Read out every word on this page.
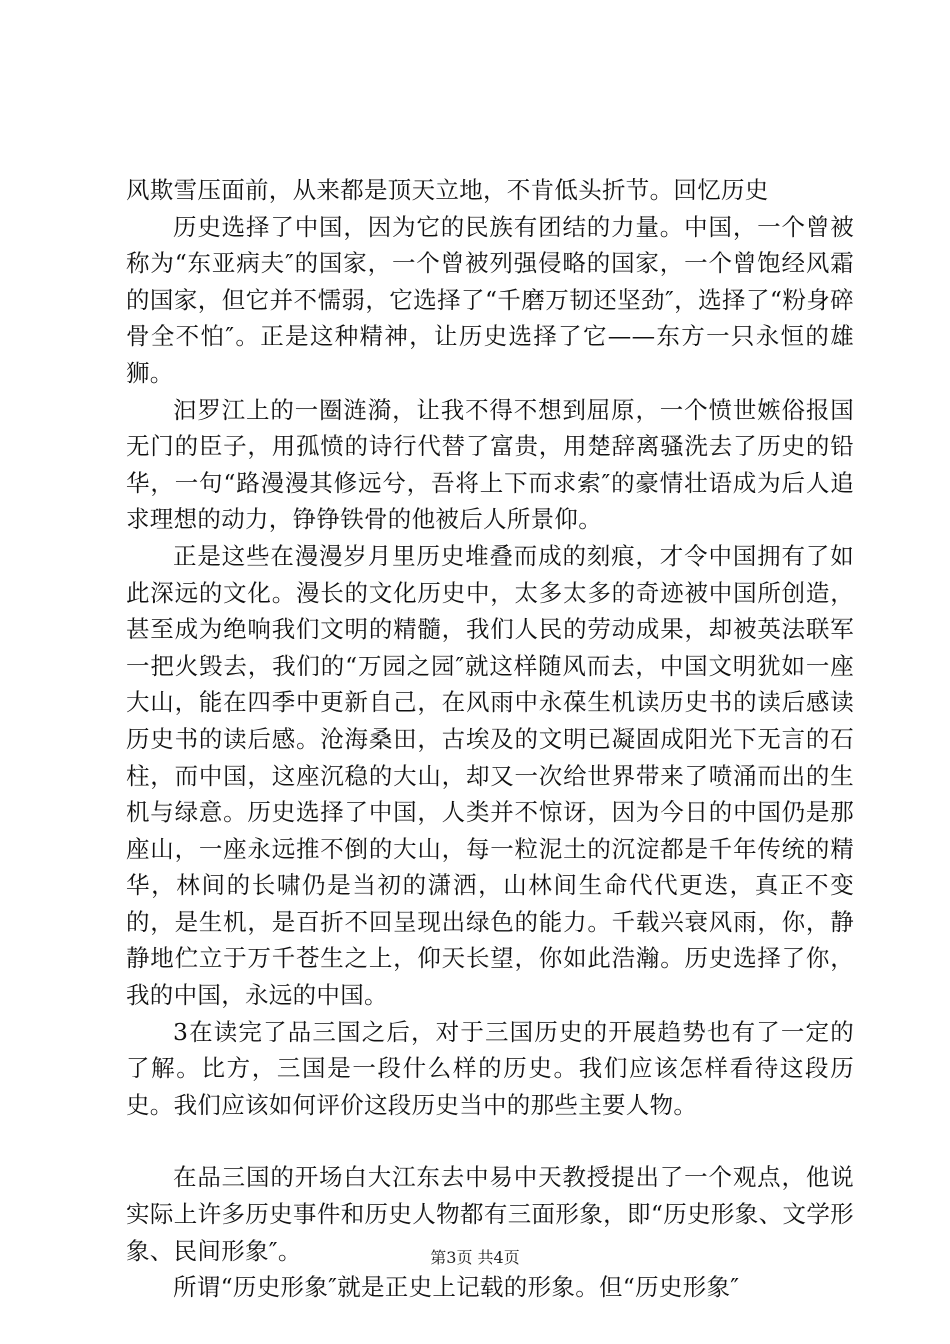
风欺雪压面前，从来都是顶天立地，不肯低头折节。回忆历史

历史选择了中国，因为它的民族有团结的力量。中国，一个曾被称为“东亚病夫″的国家，一个曾被列强侵略的国家，一个曾饱经风霜的国家，但它并不懦弱，它选择了“千磨万韧还坚劲″，选择了“粉身碎骨全不怕″。正是这种精神，让历史选择了它——东方一只永恒的雄狮。

汩罗江上的一圈涟漪，让我不得不想到屈原，一个愤世嫉俗报国无门的臣子，用孤愤的诗行代替了富贵，用楚辞离骚洗去了历史的铅华，一句“路漫漫其修远兮，吾将上下而求索″的豪情壮语成为后人追求理想的动力，铮铮铁骨的他被后人所景仰。

正是这些在漫漫岁月里历史堆叠而成的刻痕，才令中国拥有了如此深远的文化。漫长的文化历史中，太多太多的奇迹被中国所创造，甚至成为绝响我们文明的精髓，我们人民的劳动成果，却被英法联军一把火毁去，我们的“万园之园″就这样随风而去，中国文明犹如一座大山，能在四季中更新自己，在风雨中永葆生机读历史书的读后感读历史书的读后感。沧海桑田，古埃及的文明已凝固成阳光下无言的石柱，而中国，这座沉稳的大山，却又一次给世界带来了喷涌而出的生机与绿意。历史选择了中国，人类并不惊讶，因为今日的中国仍是那座山，一座永远推不倒的大山，每一粒泥土的沉淀都是千年传统的精华，林间的长啸仍是当初的潇洒，山林间生命代代更迭，真正不变的，是生机，是百折不回呈现出绿色的能力。千载兴衰风雨，你，静静地伫立于万千苍生之上，仰天长望，你如此浩瀚。历史选择了你，我的中国，永远的中国。

3在读完了品三国之后，对于三国历史的开展趋势也有了一定的了解。比方，三国是一段什么样的历史。我们应该怎样看待这段历史。我们应该如何评价这段历史当中的那些主要人物。

在品三国的开场白大江东去中易中天教授提出了一个观点，他说实际上许多历史事件和历史人物都有三面形象，即“历史形象、文学形象、民间形象″。

所谓“历史形象″就是正史上记载的形象。但“历史形象″

第3页 共4页
